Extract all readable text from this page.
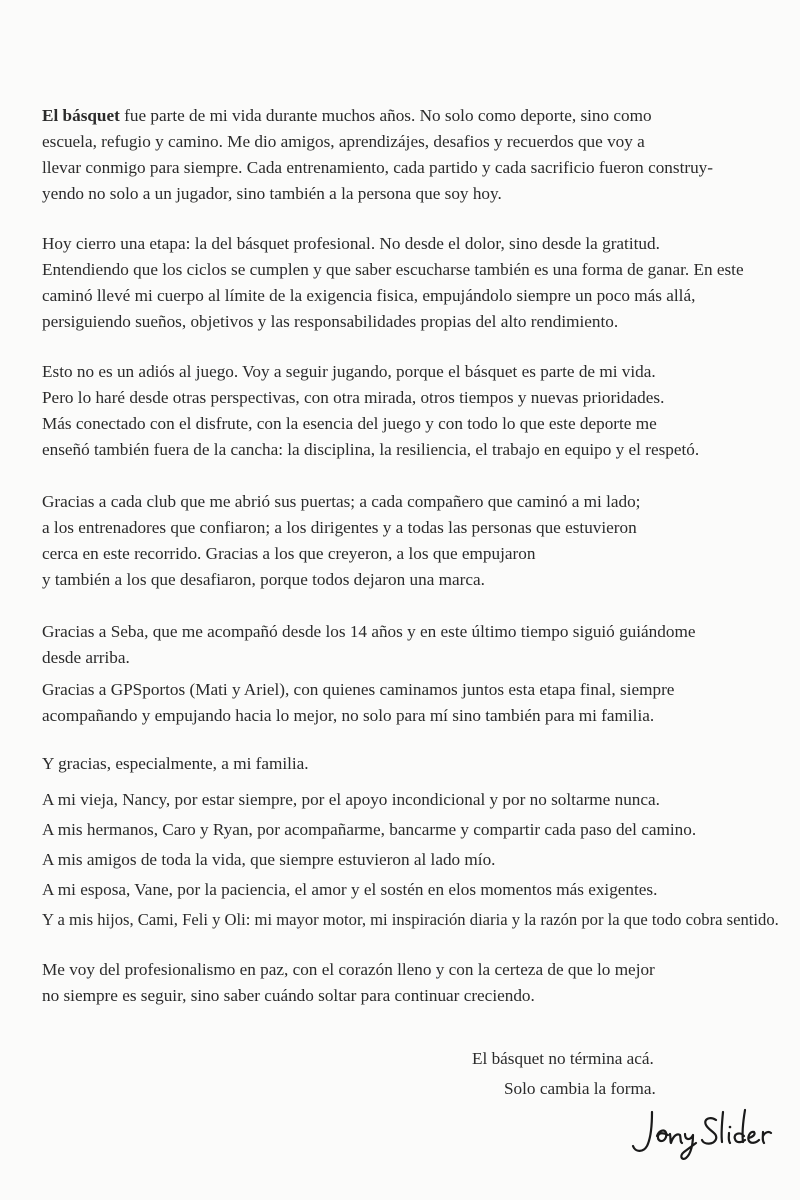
El básquet fue parte de mi vida durante muchos años. No solo como deporte, sino como
escuela, refugio y camino. Me dio amigos, aprendizájes, desafios y recuerdos que voy a
llevar conmigo para siempre. Cada entrenamiento, cada partido y cada sacrificio fueron construy-
yendo no solo a un jugador, sino también a la persona que soy hoy.

Hoy cierro una etapa: la del básquet profesional. No desde el dolor, sino desde la gratitud.
Entendiendo que los ciclos se cumplen y que saber escucharse también es una forma de ganar. En este
caminó llevé mi cuerpo al límite de la exigencia fisica, empujándolo siempre un poco más allá,
persiguiendo sueños, objetivos y las responsabilidades propias del alto rendimiento.

Esto no es un adiós al juego. Voy a seguir jugando, porque el básquet es parte de mi vida.
Pero lo haré desde otras perspectivas, con otra mirada, otros tiempos y nuevas prioridades.
Más conectado con el disfrute, con la esencia del juego y con todo lo que este deporte me
enseñó también fuera de la cancha: la disciplina, la resiliencia, el trabajo en equipo y el respetó.

Gracias a cada club que me abrió sus puertas; a cada compañero que caminó a mi lado;
a los entrenadores que confiaron; a los dirigentes y a todas las personas que estuvieron
cerca en este recorrido. Gracias a los que creyeron, a los que empujaron
y también a los que desafiaron, porque todos dejaron una marca.

Gracias a Seba, que me acompañó desde los 14 años y en este último tiempo siguió guiándome
desde arriba.

Gracias a GPSportos (Mati y Ariel), con quienes caminamos juntos esta etapa final, siempre
acompañando y empujando hacia lo mejor, no solo para mí sino también para mi familia.

Y gracias, especialmente, a mi familia.

A mi vieja, Nancy, por estar siempre, por el apoyo incondicional y por no soltarme nunca.
A mis hermanos, Caro y Ryan, por acompañarme, bancarme y compartir cada paso del camino.
A mis amigos de toda la vida, que siempre estuvieron al lado mío.
A mi esposa, Vane, por la paciencia, el amor y el sostén en elos momentos más exigentes.
Y a mis hijos, Cami, Feli y Oli: mi mayor motor, mi inspiración diaria y la razón por la que todo cobra sentido.

Me voy del profesionalismo en paz, con el corazón lleno y con la certeza de que lo mejor
no siempre es seguir, sino saber cuándo soltar para continuar creciendo.

El básquet no términa acá.
Solo cambia la forma.
